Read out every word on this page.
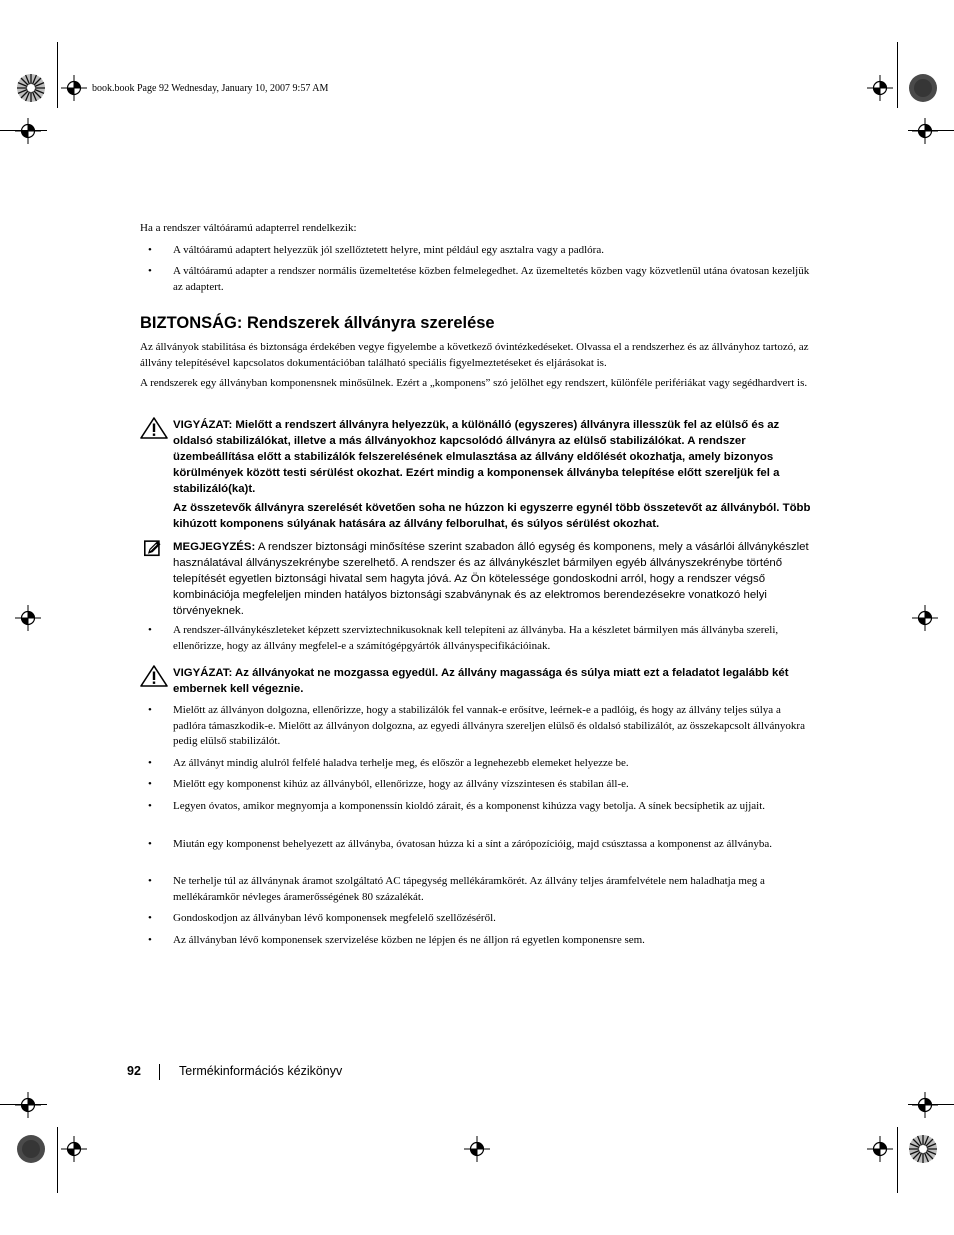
book.book Page 92 Wednesday, January 10, 2007 9:57 AM
Ha a rendszer váltóáramú adapterrel rendelkezik:
• A váltóáramú adaptert helyezzük jól szellőztetett helyre, mint például egy asztalra vagy a padlóra.
• A váltóáramú adapter a rendszer normális üzemeltetése közben felmelegedhet. Az üzemeltetés közben vagy közvetlenül utána óvatosan kezeljük az adaptert.
BIZTONSÁG: Rendszerek állványra szerelése
Az állványok stabilitása és biztonsága érdekében vegye figyelembe a következő óvintézkedéseket. Olvassa el a rendszerhez és az állványhoz tartozó, az állvány telepítésével kapcsolatos dokumentációban található speciális figyelmeztetéseket és eljárásokat is.
A rendszerek egy állványban komponensnek minősülnek. Ezért a „komponens” szó jelölhet egy rendszert, különféle perifériákat vagy segédhardvert is.
VIGYÁZAT: Mielőtt a rendszert állványra helyezzük, a különálló (egyszeres) állványra illesszük fel az elülső és az oldalsó stabilizálókat, illetve a más állványokhoz kapcsolódó állványra az elülső stabilizálókat. A rendszer üzembeállítása előtt a stabilizálók felszerelésének elmulasztása az állvány eldőlését okozhatja, amely bizonyos körülmények között testi sérülést okozhat. Ezért mindig a komponensek állványba telepítése előtt szereljük fel a stabilizáló(ka)t.
Az összetevők állványra szerelését követően soha ne húzzon ki egyszerre egynél több összetevőt az állványból. Több kihúzott komponens súlyának hatására az állvány felborulhat, és súlyos sérülést okozhat.
MEGJEGYZÉS: A rendszer biztonsági minősítése szerint szabadon álló egység és komponens, mely a vásárlói állványkészlet használatával állványszekrénybe szerelhető. A rendszer és az állványkészlet bármilyen egyéb állványszekrénybe történő telepítését egyetlen biztonsági hivatal sem hagyta jóvá. Az Ön kötelessége gondoskodni arról, hogy a rendszer végső kombinációja megfeleljen minden hatályos biztonsági szabványnak és az elektromos berendezésekre vonatkozó helyi törvényeknek.
• A rendszer-állványkészleteket képzett szerviztechnikusoknak kell telepíteni az állványba. Ha a készletet bármilyen más állványba szereli, ellenőrizze, hogy az állvány megfelel-e a számítógépgyártók állványspecifikációinak.
VIGYÁZAT: Az állványokat ne mozgassa egyedül. Az állvány magassága és súlya miatt ezt a feladatot legalább két embernek kell végeznie.
• Mielőtt az állványon dolgozna, ellenőrizze, hogy a stabilizálók fel vannak-e erősítve, leérnek-e a padlóig, és hogy az állvány teljes súlya a padlóra támaszkodik-e. Mielőtt az állványon dolgozna, az egyedi állványra szereljen elülső és oldalsó stabilizálót, az összekapcsolt állványokra pedig elülső stabilizálót.
• Az állványt mindig alulról felfelé haladva terhelje meg, és először a legnehezebb elemeket helyezze be.
• Mielőtt egy komponenst kihúz az állványból, ellenőrizze, hogy az állvány vízszintesen és stabilan áll-e.
• Legyen óvatos, amikor megnyomja a komponenssín kioldó zárait, és a komponenst kihúzza vagy betolja. A sínek becsíphetik az ujjait.
• Miután egy komponenst behelyezett az állványba, óvatosan húzza ki a sínt a zárópozícióig, majd csúsztassa a komponenst az állványba.
• Ne terhelje túl az állványnak áramot szolgáltató AC tápegység mellékáramkörét. Az állvány teljes áramfelvétele nem haladhatja meg a mellékáramkör névleges áramerősségének 80 százalékát.
• Gondoskodjon az állványban lévő komponensek megfelelő szellőzéséről.
• Az állványban lévő komponensek szervizelése közben ne lépjen és ne álljon rá egyetlen komponensre sem.
92	Termékinformációs kézikönyv
